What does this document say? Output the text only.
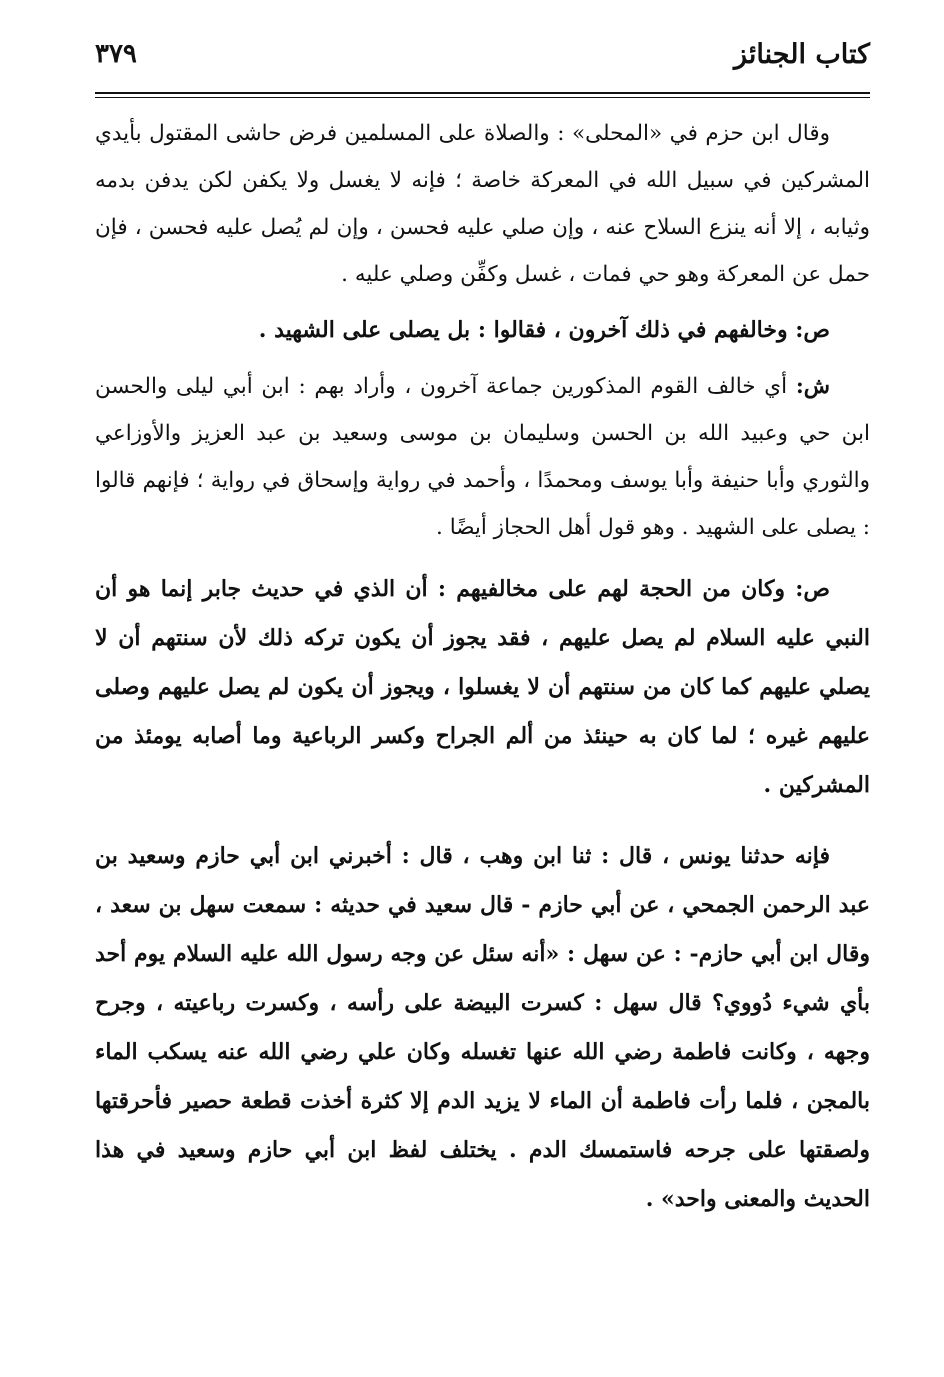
كتاب الجنائز
٣٧٩

وقال ابن حزم في «المحلى» : والصلاة على المسلمين فرض حاشى المقتول بأيدي المشركين في سبيل الله في المعركة خاصة ؛ فإنه لا يغسل ولا يكفن لكن يدفن بدمه وثيابه ، إلا أنه ينزع السلاح عنه ، وإن صلي عليه فحسن ، وإن لم يُصل عليه فحسن ، فإن حمل عن المعركة وهو حي فمات ، غسل وكفِّن وصلي عليه .

ص: وخالفهم في ذلك آخرون ، فقالوا : بل يصلى على الشهيد .

ش: أي خالف القوم المذكورين جماعة آخرون ، وأراد بهم : ابن أبي ليلى والحسن ابن حي وعبيد الله بن الحسن وسليمان بن موسى وسعيد بن عبد العزيز والأوزاعي والثوري وأبا حنيفة وأبا يوسف ومحمدًا ، وأحمد في رواية وإسحاق في رواية ؛ فإنهم قالوا : يصلى على الشهيد . وهو قول أهل الحجاز أيضًا .

ص: وكان من الحجة لهم على مخالفيهم : أن الذي في حديث جابر إنما هو أن النبي عليه السلام لم يصل عليهم ، فقد يجوز أن يكون تركه ذلك لأن سنتهم أن لا يصلي عليهم كما كان من سنتهم أن لا يغسلوا ، ويجوز أن يكون لم يصل عليهم وصلى عليهم غيره ؛ لما كان به حينئذ من ألم الجراح وكسر الرباعية وما أصابه يومئذ من المشركين .

فإنه حدثنا يونس ، قال : ثنا ابن وهب ، قال : أخبرني ابن أبي حازم وسعيد بن عبد الرحمن الجمحي ، عن أبي حازم - قال سعيد في حديثه : سمعت سهل بن سعد ، وقال ابن أبي حازم- : عن سهل : «أنه سئل عن وجه رسول الله عليه السلام يوم أحد بأي شيء دُووي؟ قال سهل : كسرت البيضة على رأسه ، وكسرت رباعيته ، وجرح وجهه ، وكانت فاطمة رضي الله عنها تغسله وكان علي رضي الله عنه يسكب الماء بالمجن ، فلما رأت فاطمة أن الماء لا يزيد الدم إلا كثرة أخذت قطعة حصير فأحرقتها ولصقتها على جرحه فاستمسك الدم . يختلف لفظ ابن أبي حازم وسعيد في هذا الحديث والمعنى واحد» .
